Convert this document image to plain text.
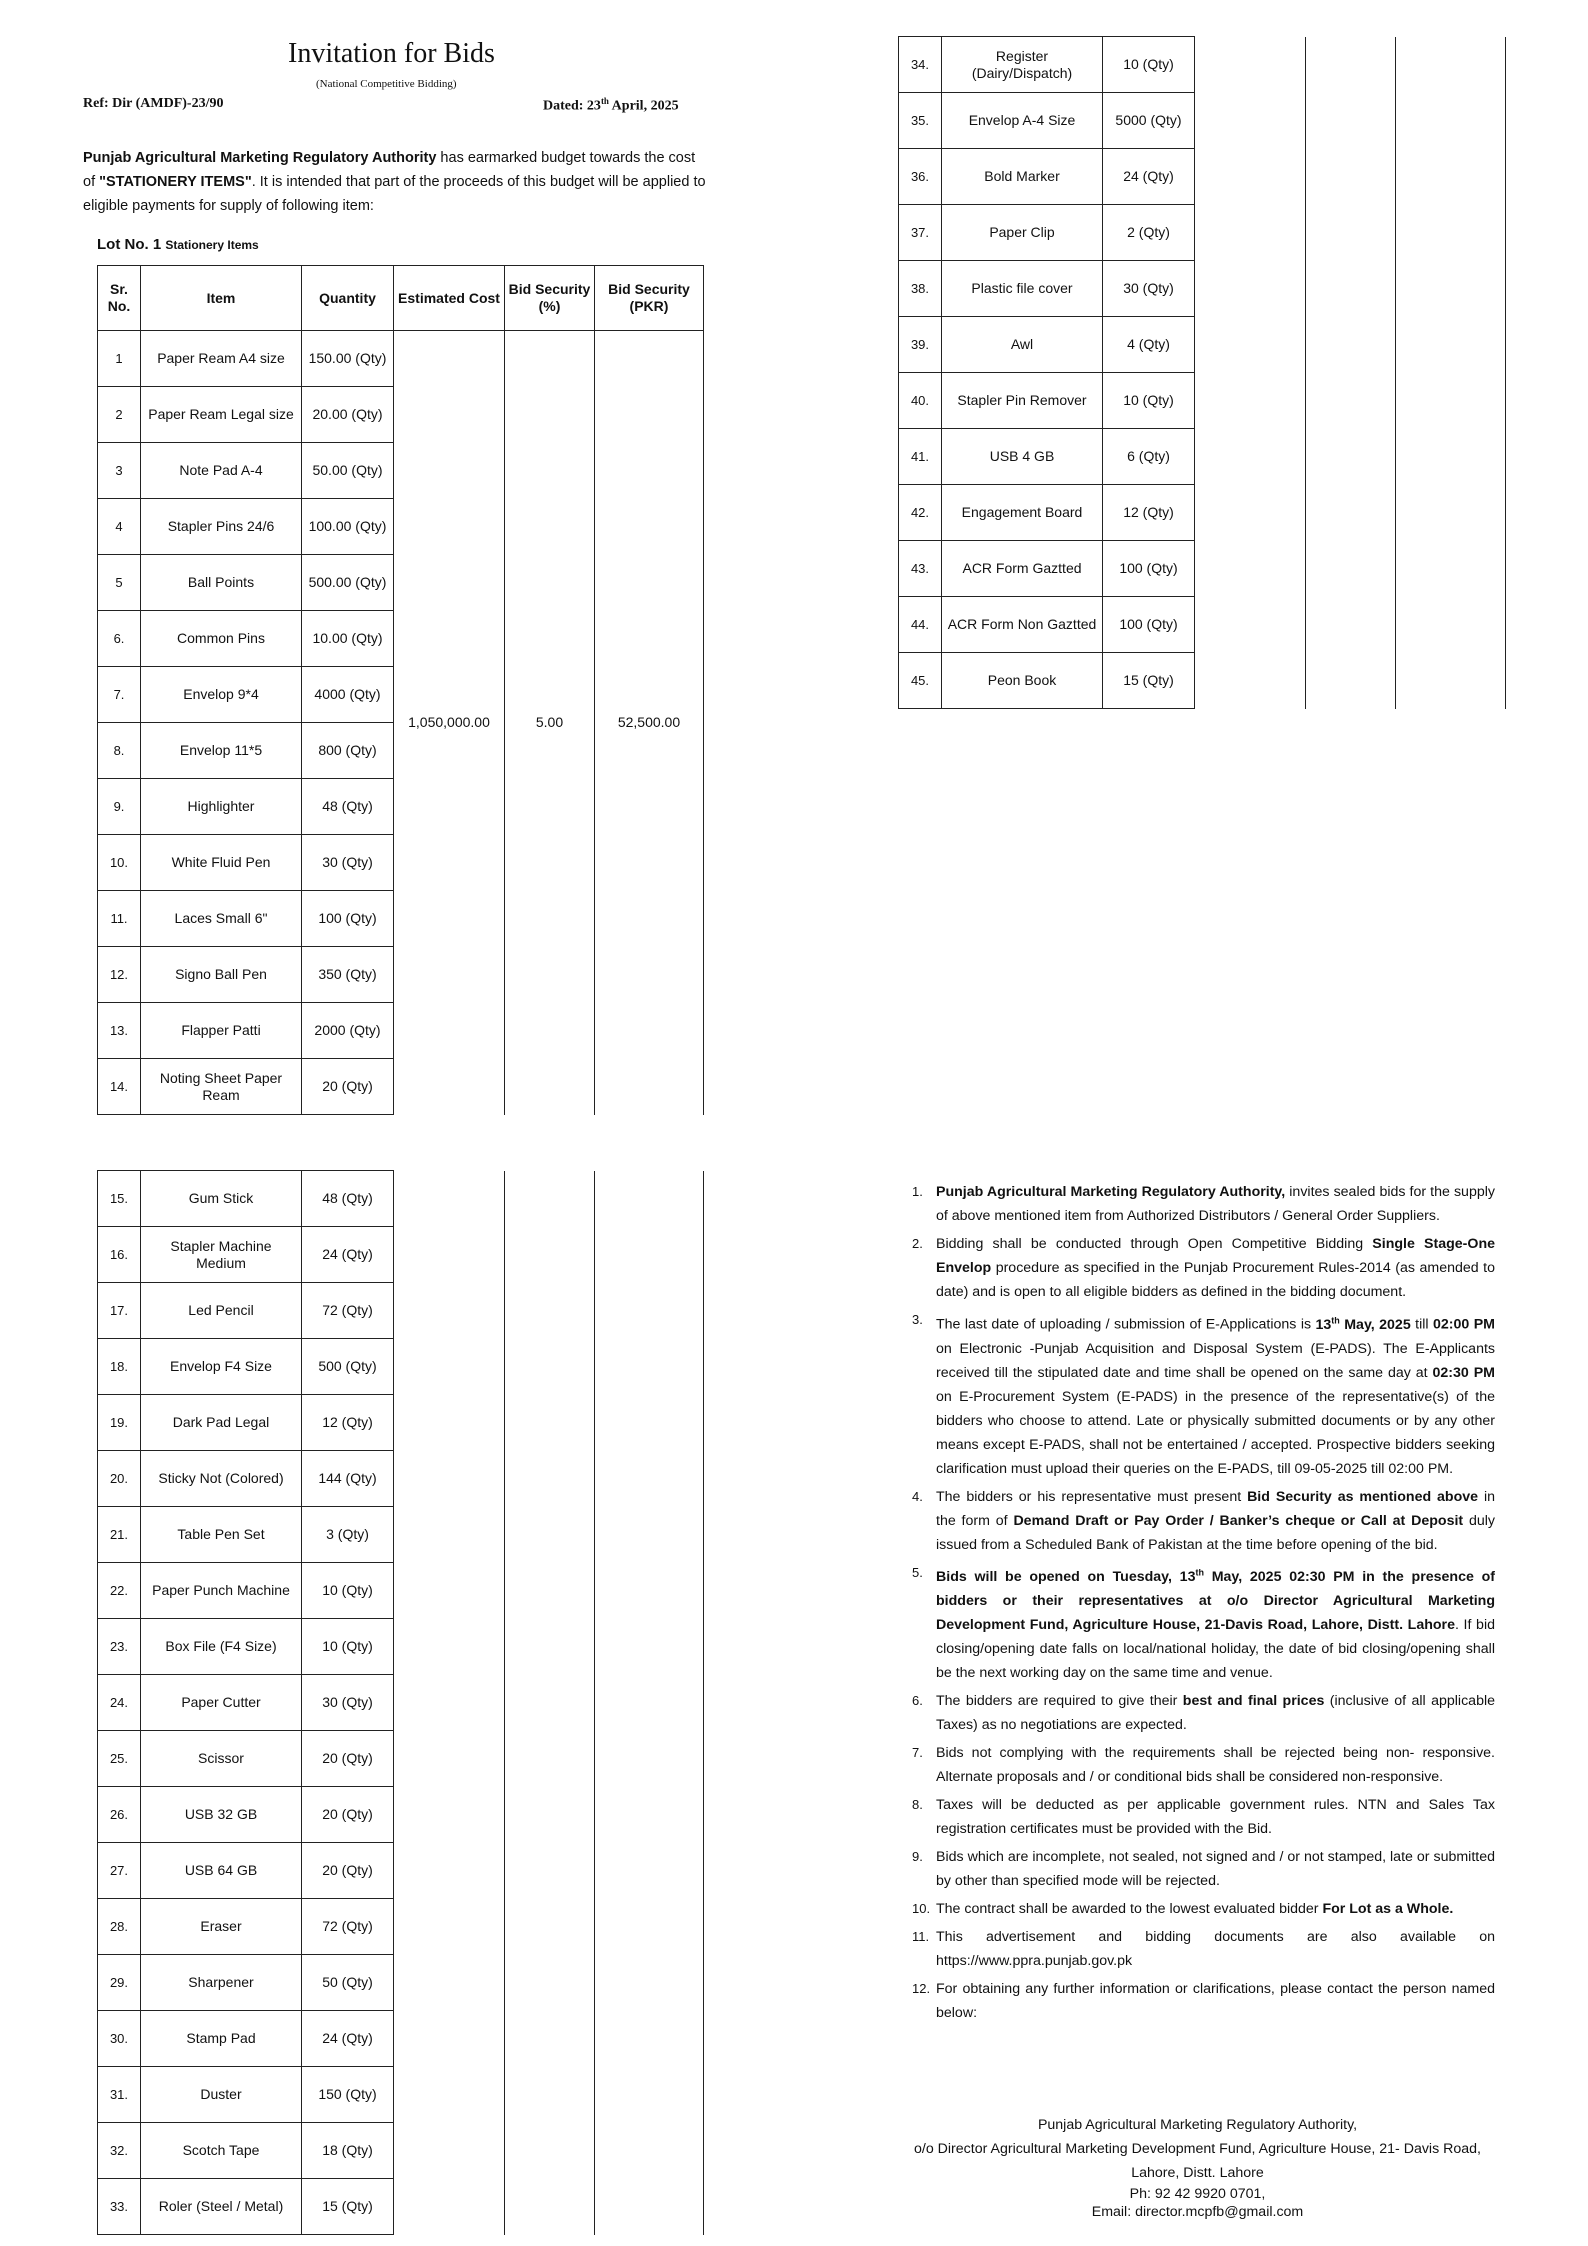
Invitation for Bids
(National Competitive Bidding)
Ref: Dir (AMDF)-23/90	Dated: 23th April, 2025
Punjab Agricultural Marketing Regulatory Authority has earmarked budget towards the cost of "STATIONERY ITEMS". It is intended that part of the proceeds of this budget will be applied to eligible payments for supply of following item:
Lot No. 1 Stationery Items
Sr. No.	Item	Quantity	Estimated Cost	Bid Security (%)	Bid Security (PKR)
1	Paper Ream A4 size	150.00 (Qty)	1,050,000.00	5.00	52,500.00
2	Paper Ream Legal size	20.00 (Qty)			
3	Note Pad A-4	50.00 (Qty)			
4	Stapler Pins 24/6	100.00 (Qty)			
5	Ball Points	500.00 (Qty)			
6.	Common Pins	10.00 (Qty)			
7.	Envelop 9*4	4000 (Qty)			
8.	Envelop 11*5	800 (Qty)			
9.	Highlighter	48 (Qty)			
10.	White Fluid Pen	30 (Qty)			
11.	Laces Small 6"	100 (Qty)			
12.	Signo Ball Pen	350 (Qty)			
13.	Flapper Patti	2000 (Qty)			
14.	Noting Sheet Paper Ream	20 (Qty)			
15.	Gum Stick	48 (Qty)			
16.	Stapler Machine Medium	24 (Qty)			
17.	Led Pencil	72 (Qty)			
18.	Envelop F4 Size	500 (Qty)			
19.	Dark Pad Legal	12 (Qty)			
20.	Sticky Not (Colored)	144 (Qty)			
21.	Table Pen Set	3 (Qty)			
22.	Paper Punch Machine	10 (Qty)			
23.	Box File (F4 Size)	10 (Qty)			
24.	Paper Cutter	30 (Qty)			
25.	Scissor	20 (Qty)			
26.	USB 32 GB	20 (Qty)			
27.	USB 64 GB	20 (Qty)			
28.	Eraser	72 (Qty)			
29.	Sharpener	50 (Qty)			
30.	Stamp Pad	24 (Qty)			
31.	Duster	150 (Qty)			
32.	Scotch Tape	18 (Qty)			
33.	Roler (Steel / Metal)	15 (Qty)			
34.	Register (Dairy/Dispatch)	10 (Qty)			
35.	Envelop A-4 Size	5000 (Qty)			
36.	Bold Marker	24 (Qty)			
37.	Paper Clip	2 (Qty)			
38.	Plastic file cover	30 (Qty)			
39.	Awl	4 (Qty)			
40.	Stapler Pin Remover	10 (Qty)			
41.	USB 4 GB	6 (Qty)			
42.	Engagement Board	12 (Qty)			
43.	ACR Form Gaztted	100 (Qty)			
44.	ACR Form Non Gaztted	100 (Qty)			
45.	Peon Book	15 (Qty)			
1. Punjab Agricultural Marketing Regulatory Authority, invites sealed bids for the supply of above mentioned item from Authorized Distributors / General Order Suppliers.
2. Bidding shall be conducted through Open Competitive Bidding Single Stage-One Envelop procedure as specified in the Punjab Procurement Rules-2014 (as amended to date) and is open to all eligible bidders as defined in the bidding document.
3. The last date of uploading / submission of E-Applications is 13th May, 2025 till 02:00 PM on Electronic -Punjab Acquisition and Disposal System (E-PADS). The E-Applicants received till the stipulated date and time shall be opened on the same day at 02:30 PM on E-Procurement System (E-PADS) in the presence of the representative(s) of the bidders who choose to attend. Late or physically submitted documents or by any other means except E-PADS, shall not be entertained / accepted. Prospective bidders seeking clarification must upload their queries on the E-PADS, till 09-05-2025 till 02:00 PM.
4. The bidders or his representative must present Bid Security as mentioned above in the form of Demand Draft or Pay Order / Banker’s cheque or Call at Deposit duly issued from a Scheduled Bank of Pakistan at the time before opening of the bid.
5. Bids will be opened on Tuesday, 13th May, 2025 02:30 PM in the presence of bidders or their representatives at o/o Director Agricultural Marketing Development Fund, Agriculture House, 21-Davis Road, Lahore, Distt. Lahore. If bid closing/opening date falls on local/national holiday, the date of bid closing/opening shall be the next working day on the same time and venue.
6. The bidders are required to give their best and final prices (inclusive of all applicable Taxes) as no negotiations are expected.
7. Bids not complying with the requirements shall be rejected being non- responsive. Alternate proposals and / or conditional bids shall be considered non-responsive.
8. Taxes will be deducted as per applicable government rules. NTN and Sales Tax registration certificates must be provided with the Bid.
9. Bids which are incomplete, not sealed, not signed and / or not stamped, late or submitted by other than specified mode will be rejected.
10. The contract shall be awarded to the lowest evaluated bidder For Lot as a Whole.
11. This advertisement and bidding documents are also available on https://www.ppra.punjab.gov.pk
12. For obtaining any further information or clarifications, please contact the person named below:
Punjab Agricultural Marketing Regulatory Authority,
o/o Director Agricultural Marketing Development Fund, Agriculture House, 21- Davis Road, Lahore, Distt. Lahore
Ph: 92 42 9920 0701,
Email: director.mcpfb@gmail.com
